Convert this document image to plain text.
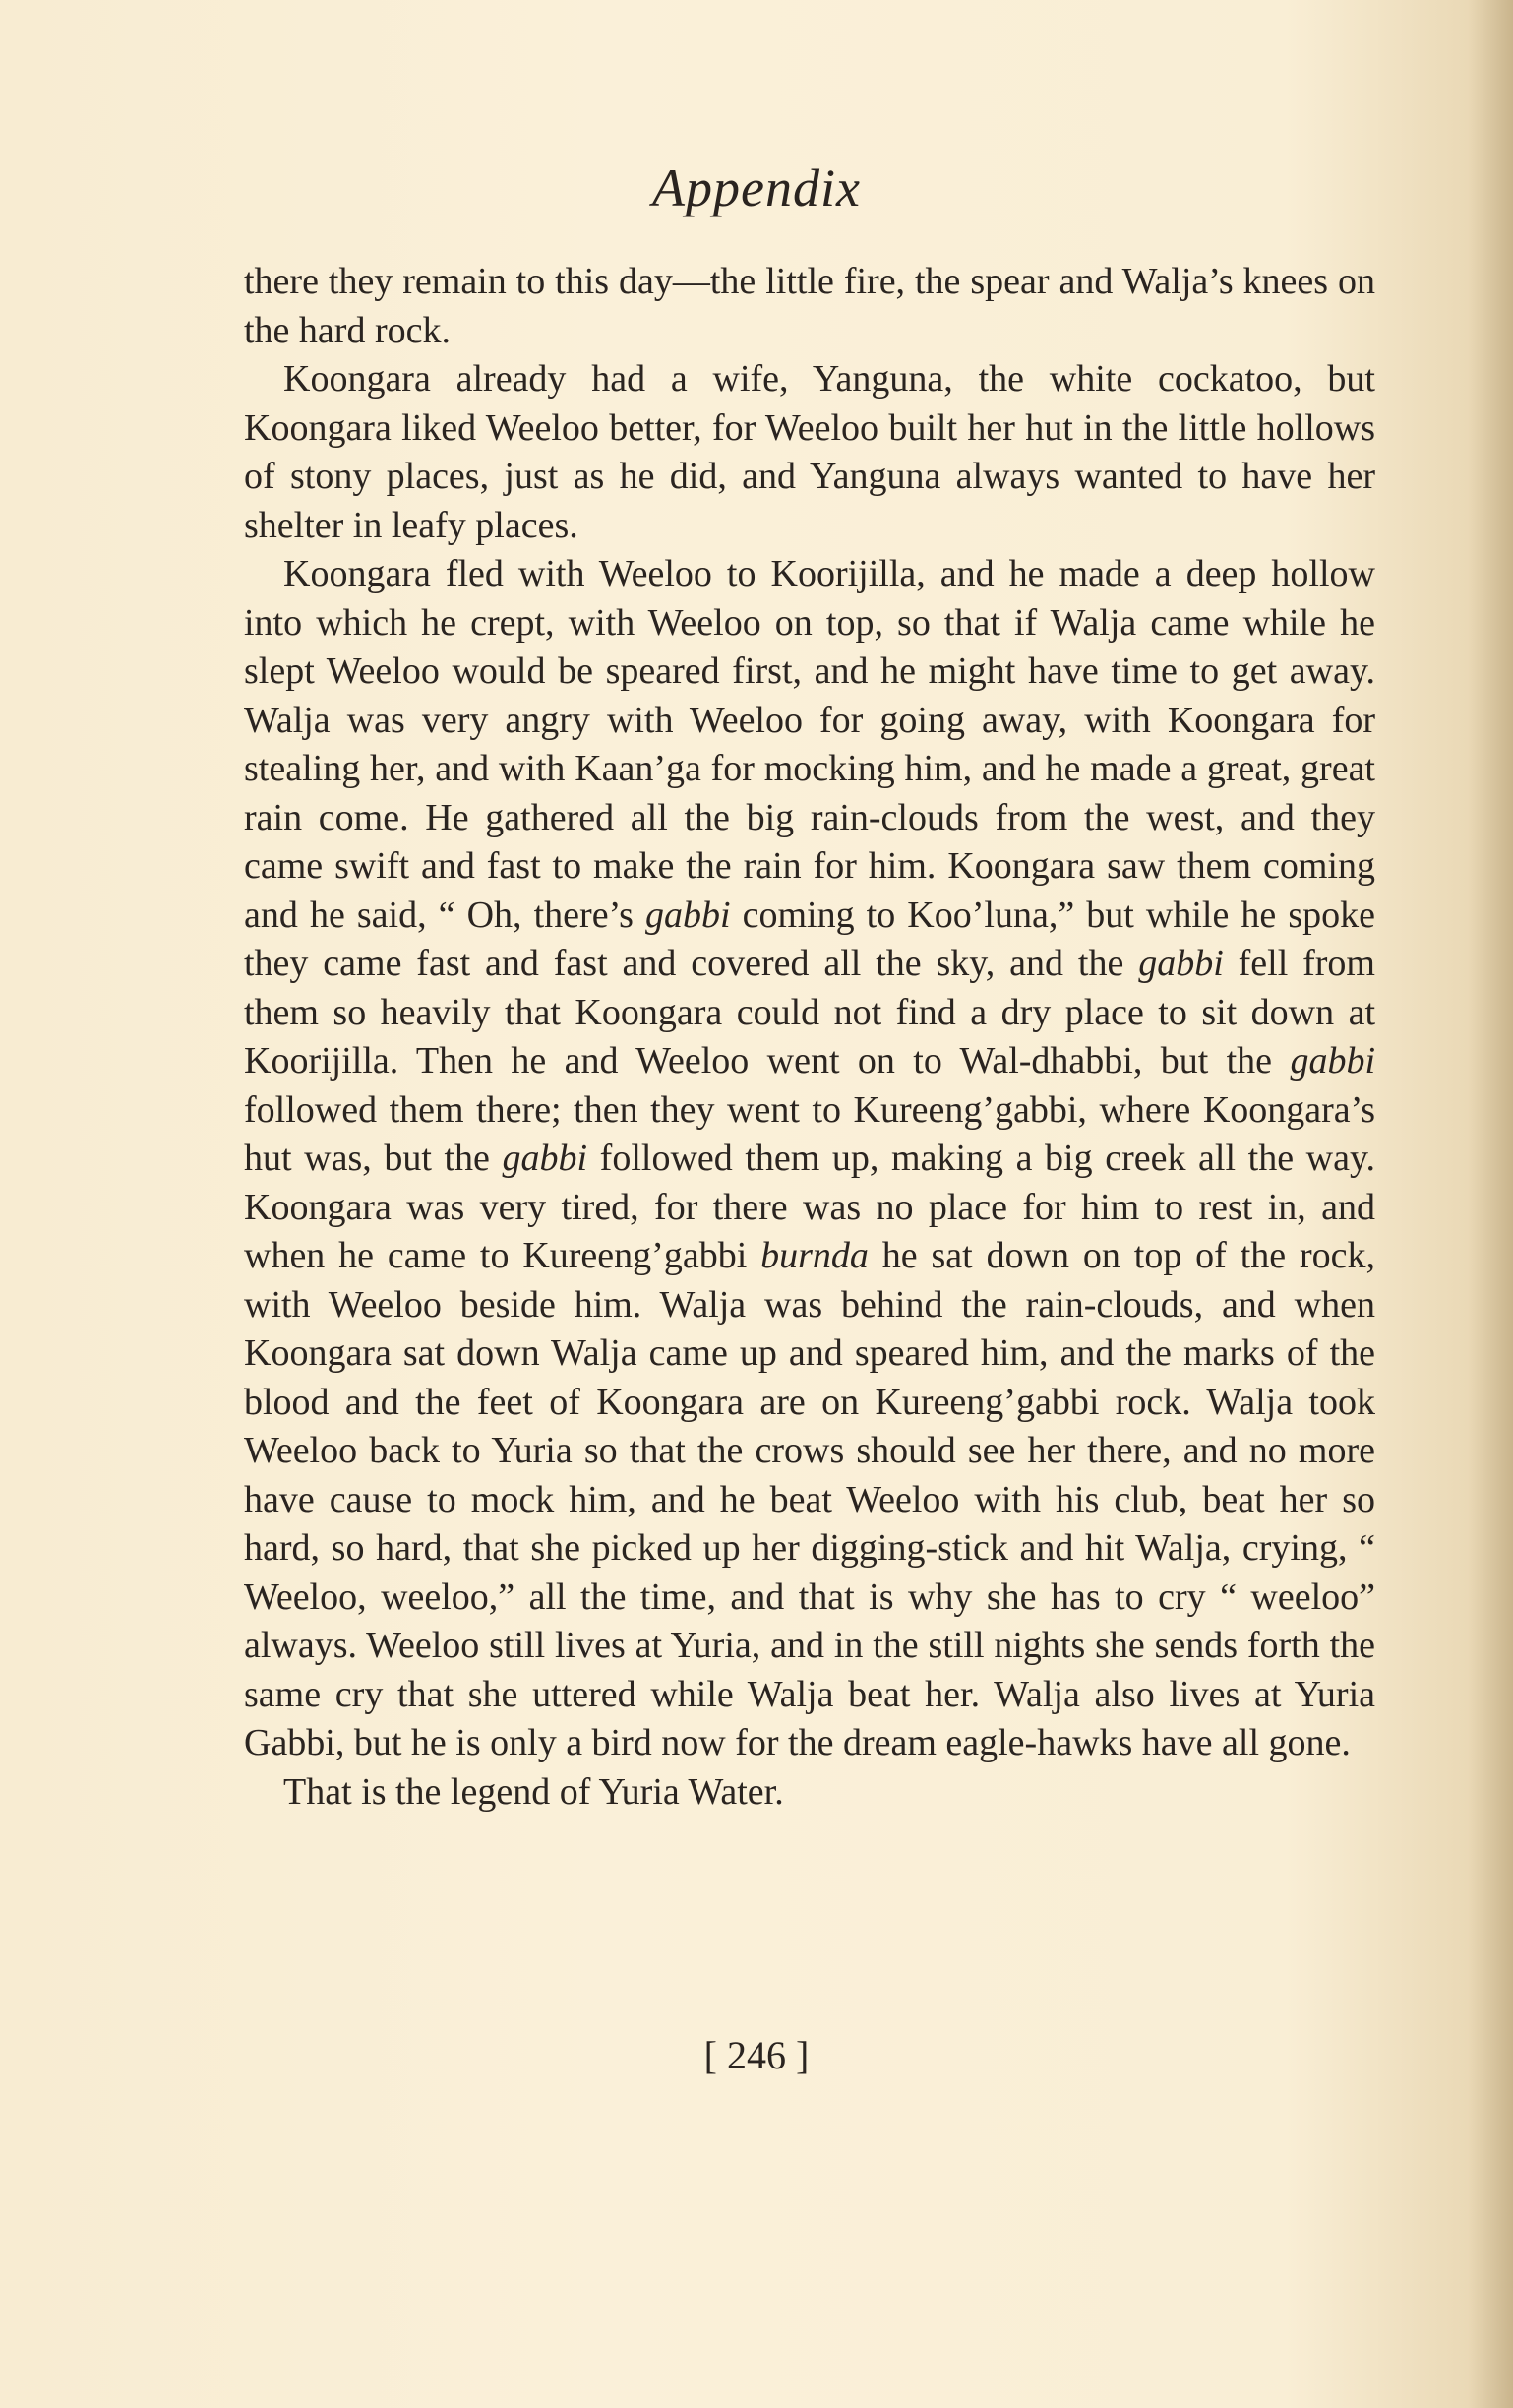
Appendix

there they remain to this day—the little fire, the spear and Walja’s knees on the hard rock.

Koongara already had a wife, Yanguna, the white cockatoo, but Koongara liked Weeloo better, for Weeloo built her hut in the little hollows of stony places, just as he did, and Yanguna always wanted to have her shelter in leafy places.

Koongara fled with Weeloo to Koorijilla, and he made a deep hollow into which he crept, with Weeloo on top, so that if Walja came while he slept Weeloo would be speared first, and he might have time to get away. Walja was very angry with Weeloo for going away, with Koongara for stealing her, and with Kaan’ga for mocking him, and he made a great, great rain come. He gathered all the big rain-clouds from the west, and they came swift and fast to make the rain for him. Koongara saw them coming and he said, “ Oh, there’s gabbi coming to Koo’luna,” but while he spoke they came fast and fast and covered all the sky, and the gabbi fell from them so heavily that Koongara could not find a dry place to sit down at Koorijilla. Then he and Weeloo went on to Wal-dhabbi, but the gabbi followed them there; then they went to Kureeng’gabbi, where Koongara’s hut was, but the gabbi followed them up, making a big creek all the way. Koongara was very tired, for there was no place for him to rest in, and when he came to Kureeng’gabbi burnda he sat down on top of the rock, with Weeloo beside him. Walja was behind the rain-clouds, and when Koongara sat down Walja came up and speared him, and the marks of the blood and the feet of Koongara are on Kureeng’gabbi rock. Walja took Weeloo back to Yuria so that the crows should see her there, and no more have cause to mock him, and he beat Weeloo with his club, beat her so hard, so hard, that she picked up her digging-stick and hit Walja, crying, “ Weeloo, weeloo,” all the time, and that is why she has to cry “ weeloo” always. Weeloo still lives at Yuria, and in the still nights she sends forth the same cry that she uttered while Walja beat her. Walja also lives at Yuria Gabbi, but he is only a bird now for the dream eagle-hawks have all gone.

That is the legend of Yuria Water.

[ 246 ]
